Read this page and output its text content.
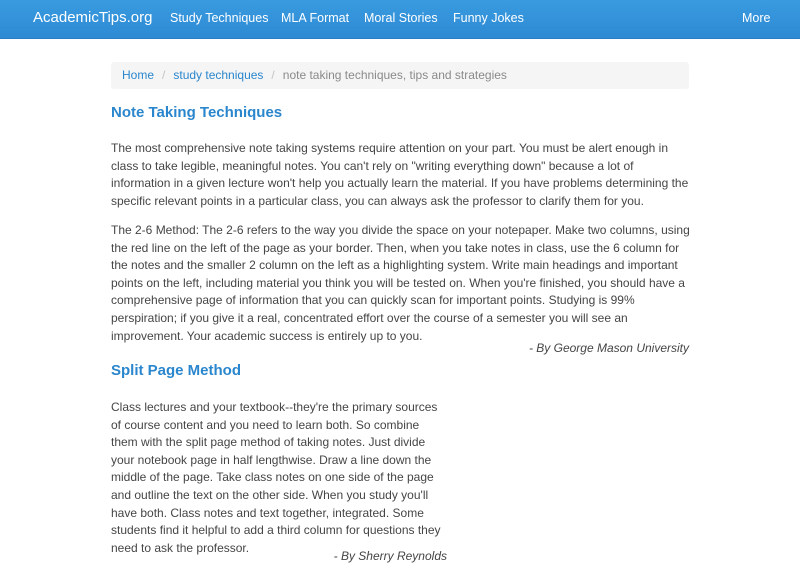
AcademicTips.org Study Techniques MLA Format Moral Stories Funny Jokes	More
Home / study techniques / note taking techniques, tips and strategies
Note Taking Techniques

The most comprehensive note taking systems require attention on your part. You must be alert enough in class to take legible, meaningful notes. You can't rely on "writing everything down" because a lot of information in a given lecture won't help you actually learn the material. If you have problems determining the specific relevant points in a particular class, you can always ask the professor to clarify them for you.

The 2-6 Method: The 2-6 refers to the way you divide the space on your notepaper. Make two columns, using the red line on the left of the page as your border. Then, when you take notes in class, use the 6 column for the notes and the smaller 2 column on the left as a highlighting system. Write main headings and important points on the left, including material you think you will be tested on. When you're finished, you should have a comprehensive page of information that you can quickly scan for important points. Studying is 99% perspiration; if you give it a real, concentrated effort over the course of a semester you will see an improvement. Your academic success is entirely up to you.

- By George Mason University

Split Page Method

Class lectures and your textbook--they're the primary sources of course content and you need to learn both. So combine them with the split page method of taking notes. Just divide your notebook page in half lengthwise. Draw a line down the middle of the page. Take class notes on one side of the page and outline the text on the other side. When you study you'll have both. Class notes and text together, integrated. Some students find it helpful to add a third column for questions they need to ask the professor.

- By Sherry Reynolds
